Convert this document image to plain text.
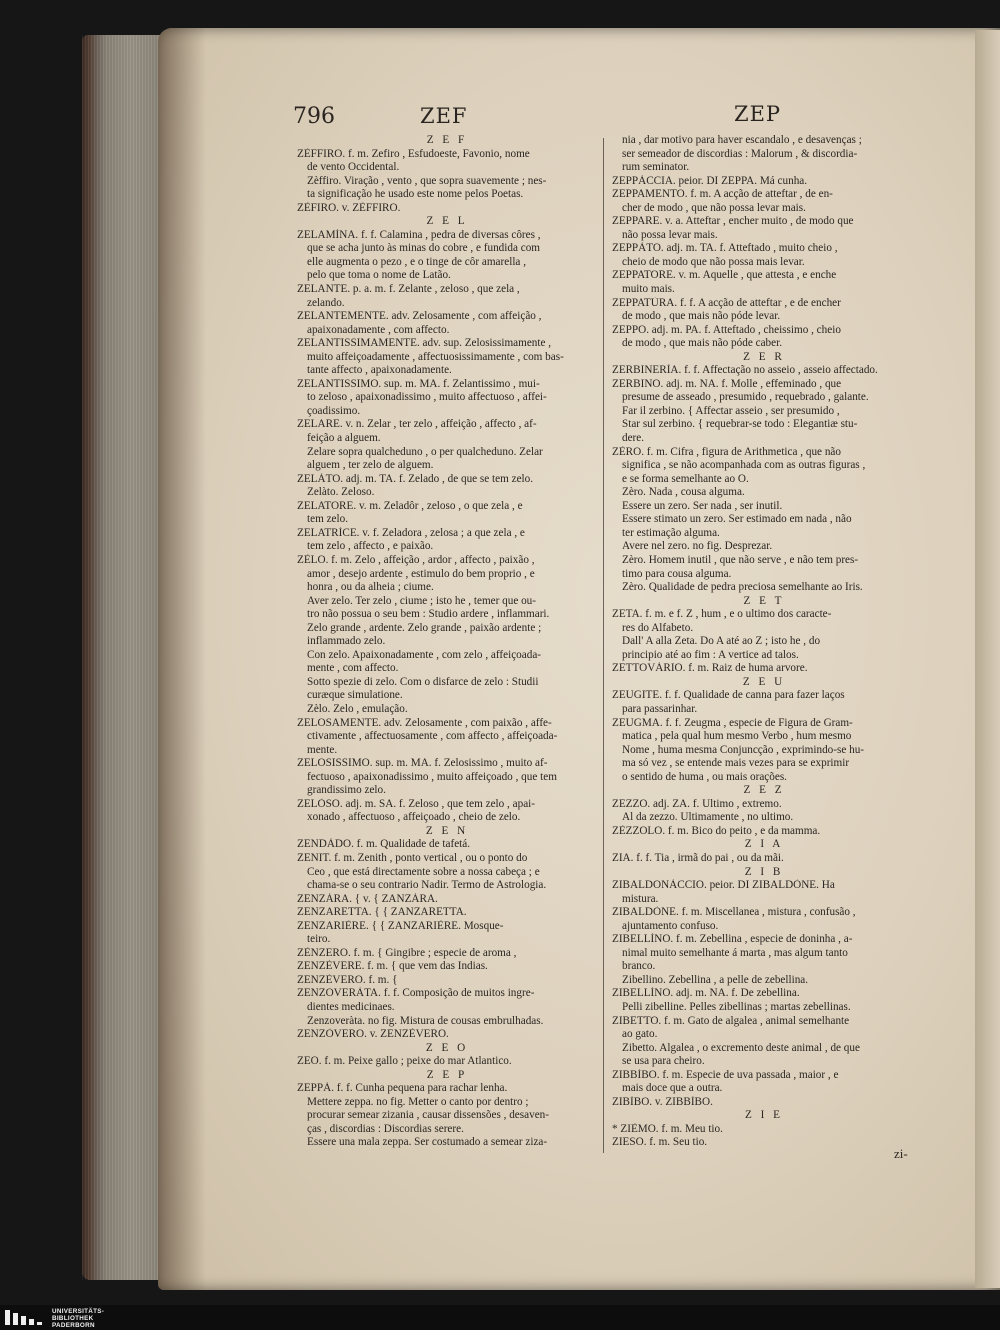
796	ZEF	ZEP
Z E F
ZÈFFIRO. f. m. Zefiro , Esfudoeste, Favonio, nome
de vento Occidental.
Zèffiro. Viração , vento , que sopra suavemente ; nes-
ta significação he usado este nome pelos Poetas.
ZÈFIRO. v. ZÈFFIRO.
Z E L
ZELAMÌNA. f. f. Calamina , pedra de diversas côres ,
que se acha junto às minas do cobre , e fundida com
elle augmenta o pezo , e o tinge de côr amarella ,
pelo que toma o nome de Latão.
ZELANTE. p. a. m. f. Zelante , zeloso , que zela ,
zelando.
ZELANTEMENTE. adv. Zelosamente , com affeição ,
apaixonadamente , com affecto.
ZELANTISSIMAMENTE. adv. sup. Zelosissimamente ,
muito affeiçoadamente , affectuosissimamente , com bas-
tante affecto , apaixonadamente.
ZELANTISSIMO. sup. m. MA. f. Zelantissimo , mui-
to zeloso , apaixonadissimo , muito affectuoso , affei-
çoadissimo.
ZELARE. v. n. Zelar , ter zelo , affeição , affecto , af-
feição a alguem.
Zelare sopra qualcheduno , o per qualcheduno. Zelar
alguem , ter zelo de alguem.
ZELÀTO. adj. m. TA. f. Zelado , de que se tem zelo.
Zelàto. Zeloso.
ZELATORE. v. m. Zeladôr , zeloso , o que zela , e
tem zelo.
ZELATRÌCE. v. f. Zeladora , zelosa ; a que zela , e
tem zelo , affecto , e paixão.
ZÈLO. f. m. Zelo , affeição , ardor , affecto , paixão ,
amor , desejo ardente , estimulo do bem proprio , e
honra , ou da alheia ; ciume.
Aver zelo. Ter zelo , ciume ; isto he , temer que ou-
tro não possua o seu bem : Studio ardere , inflammari.
Zelo grande , ardente. Zelo grande , paixão ardente ;
inflammado zelo.
Con zelo. Apaixonadamente , com zelo , affeiçoada-
mente , com affecto.
Sotto spezie di zelo. Com o disfarce de zelo : Studii
curæque simulatione.
Zèlo. Zelo , emulação.
ZELOSAMENTE. adv. Zelosamente , com paixão , affe-
ctivamente , affectuosamente , com affecto , affeiçoada-
mente.
ZELOSISSIMO. sup. m. MA. f. Zelosissimo , muito af-
fectuoso , apaixonadissimo , muito affeiçoado , que tem
grandissimo zelo.
ZELÒSO. adj. m. SA. f. Zeloso , que tem zelo , apai-
xonado , affectuoso , affeiçoado , cheio de zelo.
Z E N
ZENDÀDO. f. m. Qualidade de tafetá.
ZENIT. f. m. Zenith , ponto vertical , ou o ponto do
Ceo , que está directamente sobre a nossa cabeça ; e
chama-se o seu contrario Nadir. Termo de Astrologia.
ZENZÀRA. { v. { ZANZÀRA.
ZENZARETTA. { { ZANZARETTA.
ZENZARIÈRE. { { ZANZARIÈRE. Mosque-
teiro.
ZÈNZERO. f. m. { Gingibre ; especie de aroma ,
ZENZÈVERE. f. m. { que vem das Indias.
ZENZÈVERO. f. m. {
ZENZOVERÀTA. f. f. Composição de muitos ingre-
dientes medicinaes.
Zenzoveràta. no fig. Mistura de cousas embrulhadas.
ZENZÒVERO. v. ZENZÈVERO.
Z E O
ZEO. f. m. Peixe gallo ; peixe do mar Atlantico.
Z E P
ZEPPÀ. f. f. Cunha pequena para rachar lenha.
Mettere zeppa. no fig. Metter o canto por dentro ;
procurar semear zizania , causar dissensões , desaven-
ças , discordias : Discordias serere.
Essere una mala zeppa. Ser costumado a semear ziza-
nia , dar motivo para haver escandalo , e desavenças ;
ser semeador de discordias : Malorum , & discordia-
rum seminator.
ZEPPÀCCIA. peior. DI ZEPPA. Má cunha.
ZEPPAMENTO. f. m. A acção de atteftar , de en-
cher de modo , que não possa levar mais.
ZEPPARE. v. a. Atteftar , encher muito , de modo que
não possa levar mais.
ZEPPÀTO. adj. m. TA. f. Atteftado , muito cheio ,
cheio de modo que não possa mais levar.
ZEPPATORE. v. m. Aquelle , que attesta , e enche
muito mais.
ZEPPATÙRA. f. f. A acção de atteftar , e de encher
de modo , que mais não póde levar.
ZEPPO. adj. m. PA. f. Atteftado , cheissimo , cheio
de modo , que mais não póde caber.
Z E R
ZERBINERÌA. f. f. Affectação no asseio , asseio affectado.
ZERBINO. adj. m. NA. f. Molle , effeminado , que
presume de asseado , presumido , requebrado , galante.
Far il zerbino. { Affectar asseio , ser presumido ,
Star sul zerbino. { requebrar-se todo : Elegantiæ stu-
dere.
ZÈRO. f. m. Cifra , figura de Arithmetica , que não
significa , se não acompanhada com as outras figuras ,
e se forma semelhante ao O.
Zèro. Nada , cousa alguma.
Essere un zero. Ser nada , ser inutil.
Essere stimato un zero. Ser estimado em nada , não
ter estimação alguma.
Avere nel zero. no fig. Desprezar.
Zèro. Homem inutil , que não serve , e não tem pres-
timo para cousa alguma.
Zèro. Qualidade de pedra preciosa semelhante ao Iris.
Z E T
ZETA. f. m. e f. Z , hum , e o ultimo dos caracte-
res do Alfabeto.
Dall' A alla Zeta. Do A até ao Z ; isto he , do
principio até ao fim : A vertice ad talos.
ZETTOVÀRIO. f. m. Raiz de huma arvore.
Z E U
ZEUGITE. f. f. Qualidade de canna para fazer laços
para passarinhar.
ZEUGMA. f. f. Zeugma , especie de Figura de Gram-
matica , pela qual hum mesmo Verbo , hum mesmo
Nome , huma mesma Conjuncção , exprimindo-se hu-
ma só vez , se entende mais vezes para se exprimir
o sentido de huma , ou mais orações.
Z E Z
ZEZZO. adj. ZA. f. Ultimo , extremo.
Al da zezzo. Ultimamente , no ultimo.
ZÈZZOLO. f. m. Bico do peito , e da mamma.
Z I A
ZIA. f. f. Tia , irmã do pai , ou da mãi.
Z I B
ZIBALDONÀCCIO. peior. DI ZIBALDÒNE. Ha
mistura.
ZIBALDÒNE. f. m. Miscellanea , mistura , confusão ,
ajuntamento confuso.
ZIBELLÌNO. f. m. Zebellina , especie de doninha , a-
nimal muito semelhante á marta , mas algum tanto
branco.
Zibellino. Zebellina , a pelle de zebellina.
ZIBELLÌNO. adj. m. NA. f. De zebellina.
Pelli zibelline. Pelles zibellinas ; martas zebellinas.
ZIBETTO. f. m. Gato de algalea , animal semelhante
ao gato.
Zibetto. Algalea , o excremento deste animal , de que
se usa para cheiro.
ZIBBÌBO. f. m. Especie de uva passada , maior , e
mais doce que a outra.
ZIBÌBO. v. ZIBBÌBO.
Z I E
* ZIÈMO. f. m. Meu tio.
ZIESO. f. m. Seu tio.
zi-
UNIVERSITÄTS-
BIBLIOTHEK
PADERBORN
